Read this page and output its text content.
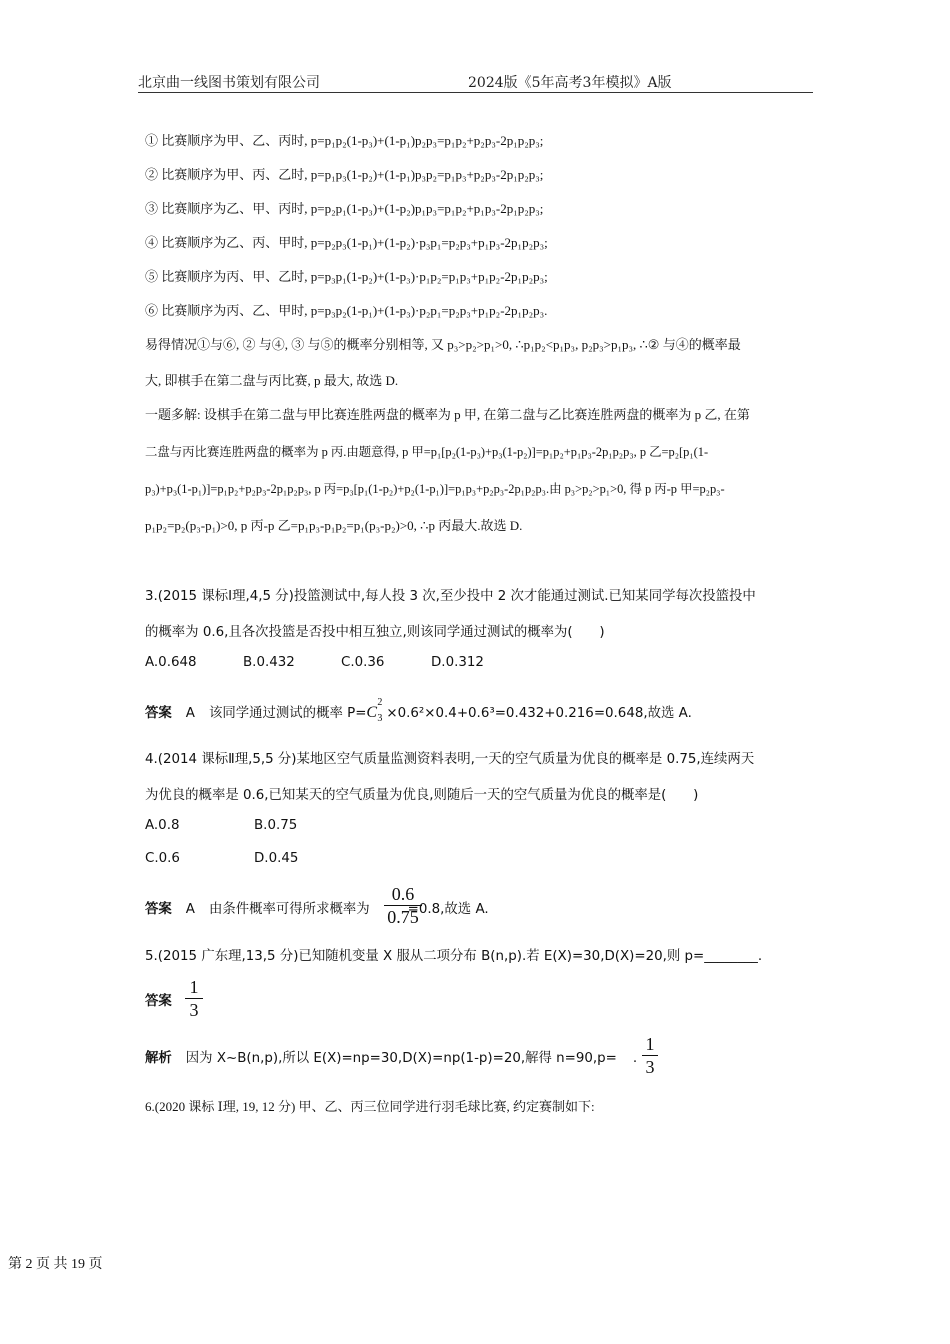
北京曲一线图书策划有限公司	2024版《5年高考3年模拟》A版
① 比赛顺序为甲、乙、丙时, p=p₁p₂(1-p₃)+(1-p₁)p₂p₃=p₁p₂+p₂p₃-2p₁p₂p₃;
② 比赛顺序为甲、丙、乙时, p=p₁p₃(1-p₂)+(1-p₁)p₃p₂=p₁p₃+p₂p₃-2p₁p₂p₃;
③ 比赛顺序为乙、甲、丙时, p=p₂p₁(1-p₃)+(1-p₂)p₁p₃=p₁p₂+p₁p₃-2p₁p₂p₃;
④ 比赛顺序为乙、丙、甲时, p=p₂p₃(1-p₁)+(1-p₂)·p₃p₁=p₂p₃+p₁p₃-2p₁p₂p₃;
⑤ 比赛顺序为丙、甲、乙时, p=p₃p₁(1-p₂)+(1-p₃)·p₁p₂=p₁p₃+p₁p₂-2p₁p₂p₃;
⑥ 比赛顺序为丙、乙、甲时, p=p₃p₂(1-p₁)+(1-p₃)·p₂p₁=p₂p₃+p₁p₂-2p₁p₂p₃.
易得情况①与⑥, ② 与④, ③ 与⑤的概率分别相等, 又 p₃>p₂>p₁>0, ∴p₁p₂<p₁p₃, p₂p₃>p₁p₃, ∴② 与④的概率最
大, 即棋手在第二盘与丙比赛, p 最大, 故选 D.
一题多解: 设棋手在第二盘与甲比赛连胜两盘的概率为 p 甲, 在第二盘与乙比赛连胜两盘的概率为 p 乙, 在第
二盘与丙比赛连胜两盘的概率为 p 丙.由题意得, p 甲=p₁[p₂(1-p₃)+p₃(1-p₂)]=p₁p₂+p₁p₃-2p₁p₂p₃, p 乙=p₂[p₁(1-
p₃)+p₃(1-p₁)]=p₁p₂+p₂p₃-2p₁p₂p₃, p 丙=p₃[p₁(1-p₂)+p₂(1-p₁)]=p₁p₃+p₂p₃-2p₁p₂p₃.由 p₃>p₂>p₁>0, 得 p 丙-p 甲=p₂p₃-
p₁p₂=p₂(p₃-p₁)>0, p 丙-p 乙=p₁p₃-p₁p₂=p₁(p₃-p₂)>0, ∴p 丙最大.故选 D.
3.(2015 课标Ⅰ理,4,5 分)投篮测试中,每人投 3 次,至少投中 2 次才能通过测试.已知某同学每次投篮投中
的概率为 0.6,且各次投篮是否投中相互独立,则该同学通过测试的概率为(　　)
A.0.648	B.0.432	C.0.36	D.0.312
答案 A 该同学通过测试的概率 P=C
2
3 ×0.6²×0.4+0.6³=0.432+0.216=0.648,故选 A.
4.(2014 课标Ⅱ理,5,5 分)某地区空气质量监测资料表明,一天的空气质量为优良的概率是 0.75,连续两天
为优良的概率是 0.6,已知某天的空气质量为优良,则随后一天的空气质量为优良的概率是(　　)
A.0.8	B.0.75
C.0.6	D.0.45
答案 A 由条件概率可得所求概率为	=0.8,故选 A.
0.6
0.75
5.(2015 广东理,13,5 分)已知随机变量 X 服从二项分布 B(n,p).若 E(X)=30,D(X)=20,则 p=________.
答案
1
3
解析 因为 X~B(n,p),所以 E(X)=np=30,D(X)=np(1-p)=20,解得 n=90,p= .
1
3
6.(2020 课标 Ⅰ理, 19, 12 分) 甲、乙、丙三位同学进行羽毛球比赛, 约定赛制如下:
第 2 页 共 19 页
